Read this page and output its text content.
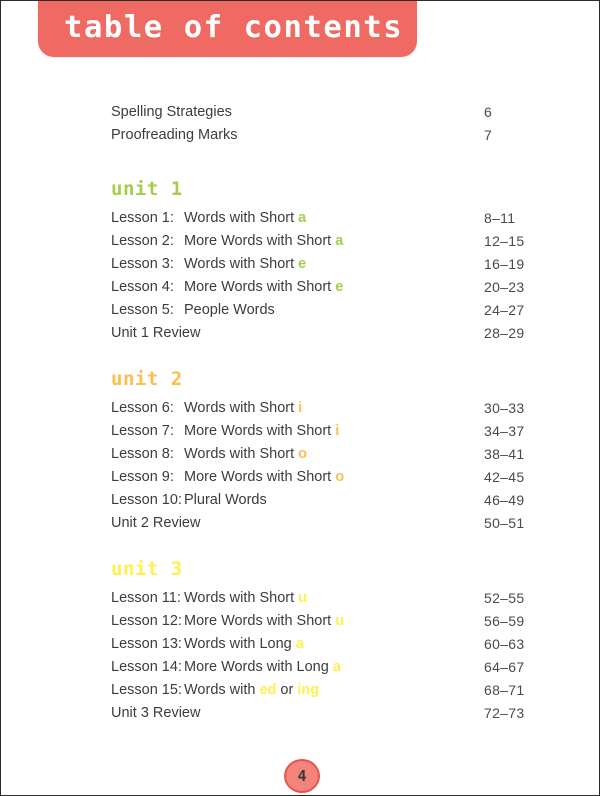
table of contents
Spelling Strategies	6
Proofreading Marks	7
unit 1
Lesson 1: Words with Short a	8–11
Lesson 2: More Words with Short a	12–15
Lesson 3: Words with Short e	16–19
Lesson 4: More Words with Short e	20–23
Lesson 5: People Words	24–27
Unit 1 Review	28–29
unit 2
Lesson 6: Words with Short i	30–33
Lesson 7: More Words with Short i	34–37
Lesson 8: Words with Short o	38–41
Lesson 9: More Words with Short o	42–45
Lesson 10: Plural Words	46–49
Unit 2 Review	50–51
unit 3
Lesson 11: Words with Short u	52–55
Lesson 12: More Words with Short u	56–59
Lesson 13: Words with Long a	60–63
Lesson 14: More Words with Long a	64–67
Lesson 15: Words with ed or ing	68–71
Unit 3 Review	72–73
4
